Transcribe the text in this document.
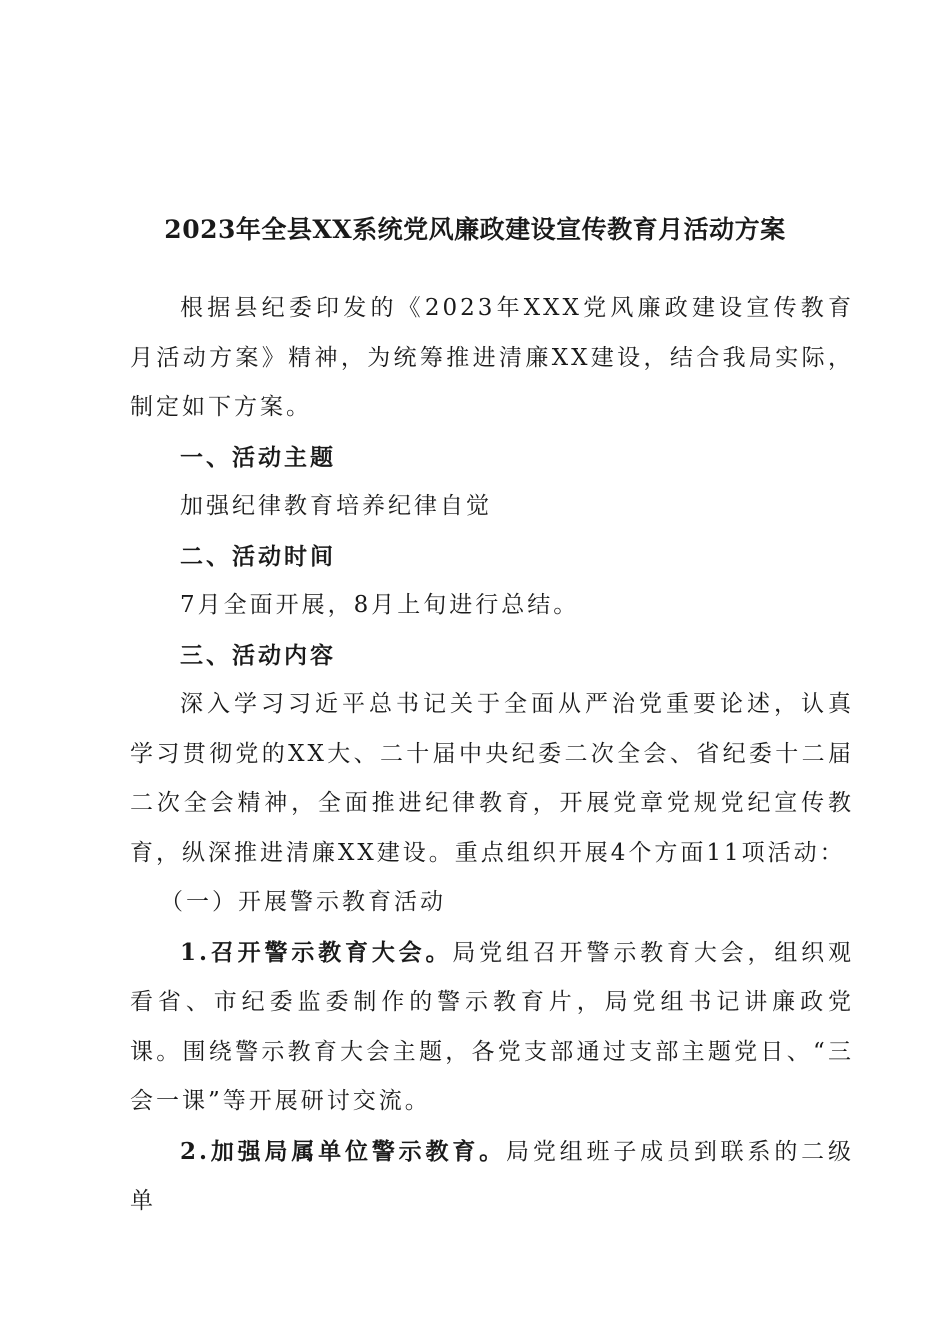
2023年全县XX系统党风廉政建设宣传教育月活动方案

根据县纪委印发的《2023年XXX党风廉政建设宣传教育月活动方案》精神，为统筹推进清廉XX建设，结合我局实际，制定如下方案。

一、活动主题

加强纪律教育培养纪律自觉

二、活动时间

7月全面开展，8月上旬进行总结。

三、活动内容

深入学习习近平总书记关于全面从严治党重要论述，认真学习贯彻党的XX大、二十届中央纪委二次全会、省纪委十二届二次全会精神，全面推进纪律教育，开展党章党规党纪宣传教育，纵深推进清廉XX建设。重点组织开展4个方面11项活动：

（一）开展警示教育活动

1.召开警示教育大会。局党组召开警示教育大会，组织观看省、市纪委监委制作的警示教育片，局党组书记讲廉政党课。围绕警示教育大会主题，各党支部通过支部主题党日、“三会一课”等开展研讨交流。

2.加强局属单位警示教育。局党组班子成员到联系的二级单
